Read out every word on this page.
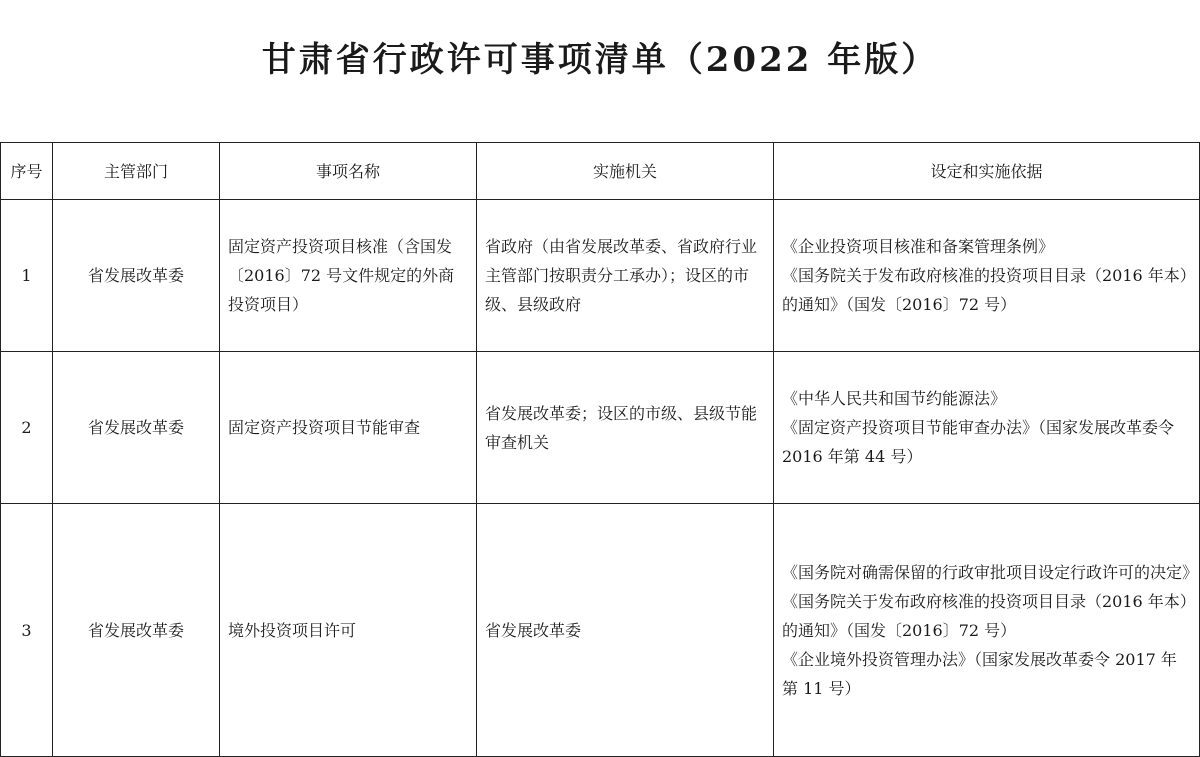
甘肃省行政许可事项清单（2022 年版）
序号	主管部门	事项名称	实施机关	设定和实施依据
1	省发展改革委	固定资产投资项目核准（含国发〔2016〕72 号文件规定的外商投资项目）	省政府（由省发展改革委、省政府行业主管部门按职责分工承办）；设区的市级、县级政府	《企业投资项目核准和备案管理条例》
《国务院关于发布政府核准的投资项目目录（2016 年本）的通知》（国发〔2016〕72 号）

2	省发展改革委	固定资产投资项目节能审查	省发展改革委；设区的市级、县级节能审查机关	《中华人民共和国节约能源法》
《固定资产投资项目节能审查办法》（国家发展改革委令 2016 年第 44 号）

3	省发展改革委	境外投资项目许可	省发展改革委	《国务院对确需保留的行政审批项目设定行政许可的决定》
《国务院关于发布政府核准的投资项目目录（2016 年本）的通知》（国发〔2016〕72 号）
《企业境外投资管理办法》（国家发展改革委令 2017 年第 11 号）
